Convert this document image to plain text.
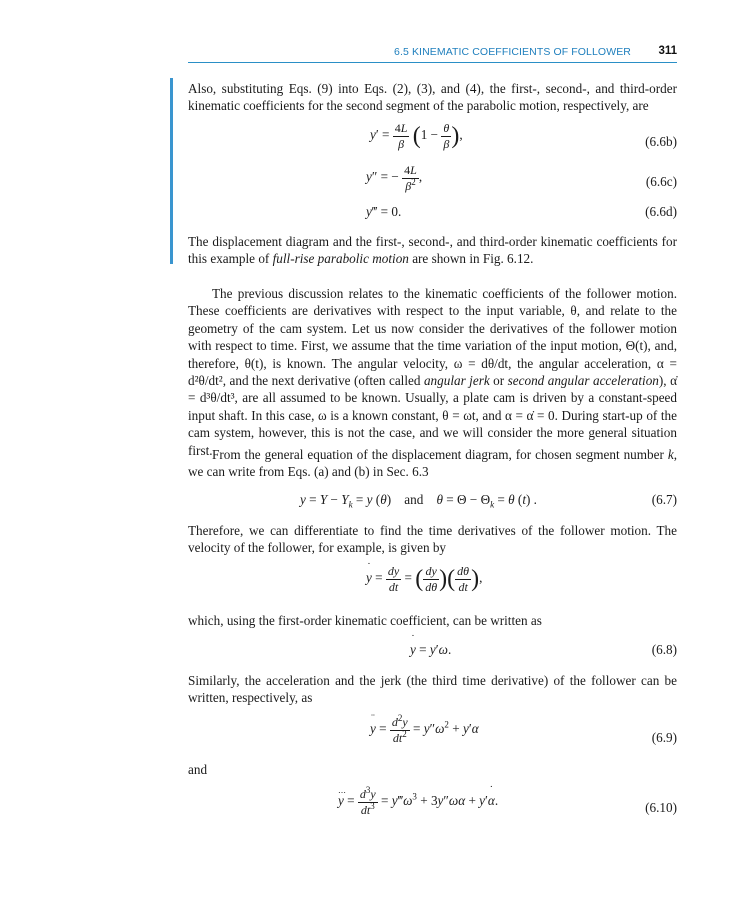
6.5 KINEMATIC COEFFICIENTS OF FOLLOWER 311

Also, substituting Eqs. (9) into Eqs. (2), (3), and (4), the first-, second-, and third-order kinematic coefficients for the second segment of the parabolic motion, respectively, are

$y' = \frac{4L}{\beta} (1 - \frac{\theta}{\beta}$ ),	(6.6b)
y″ = − $\frac{4L}{\beta^2}$ ,	(6.6c)
y‴ = 0.	(6.6d)

The displacement diagram and the first-, second-, and third-order kinematic coefficients for this example of full-rise parabolic motion are shown in Fig. 6.12.

The previous discussion relates to the kinematic coefficients of the follower motion. These coefficients are derivatives with respect to the input variable, θ, and relate to the geometry of the cam system. Let us now consider the derivatives of the follower motion with respect to time. First, we assume that the time variation of the input motion, Θ(t), and, therefore, θ(t), is known. The angular velocity, ω = dθ/dt, the angular acceleration, α = d²θ/dt², and the next derivative (often called angular jerk or second angular acceleration), α̇ = d³θ/dt³, are all assumed to be known. Usually, a plate cam is driven by a constant-speed input shaft. In this case, ω is a known constant, θ = ωt, and α = α̇ = 0. During start-up of the cam system, however, this is not the case, and we will consider the more general situation first. From the general equation of the displacement diagram, for chosen segment number k, we can write from Eqs. (a) and (b) in Sec. 6.3

$y = Y - Y_k = y$ (θ)    and    $\theta = \Theta - \Theta_k = \theta$ (t) .	(6.7)

Therefore, we can differentiate to find the time derivatives of the follower motion. The velocity of the follower, for example, is given by

˙ $y = \frac{dy}{dt}$ = ( $\frac{dy}{d\theta}$ )( $\frac{d\theta}{dt}$ ),

which, using the first-order kinematic coefficient, can be written as

˙ y = y′ω.	(6.8)

Similarly, the acceleration and the jerk (the third time derivative) of the follower can be written, respectively, as

¨ $y = \frac{d^2y}{dt^2} = y''\omega^2 + y'\alpha$
(6.9)

and

⋯ $y = \frac{d^3y}{dt^3}$ = $y‴\omega^3 + 3y''\omega\alpha$ + y′˙ α.	(6.10)
